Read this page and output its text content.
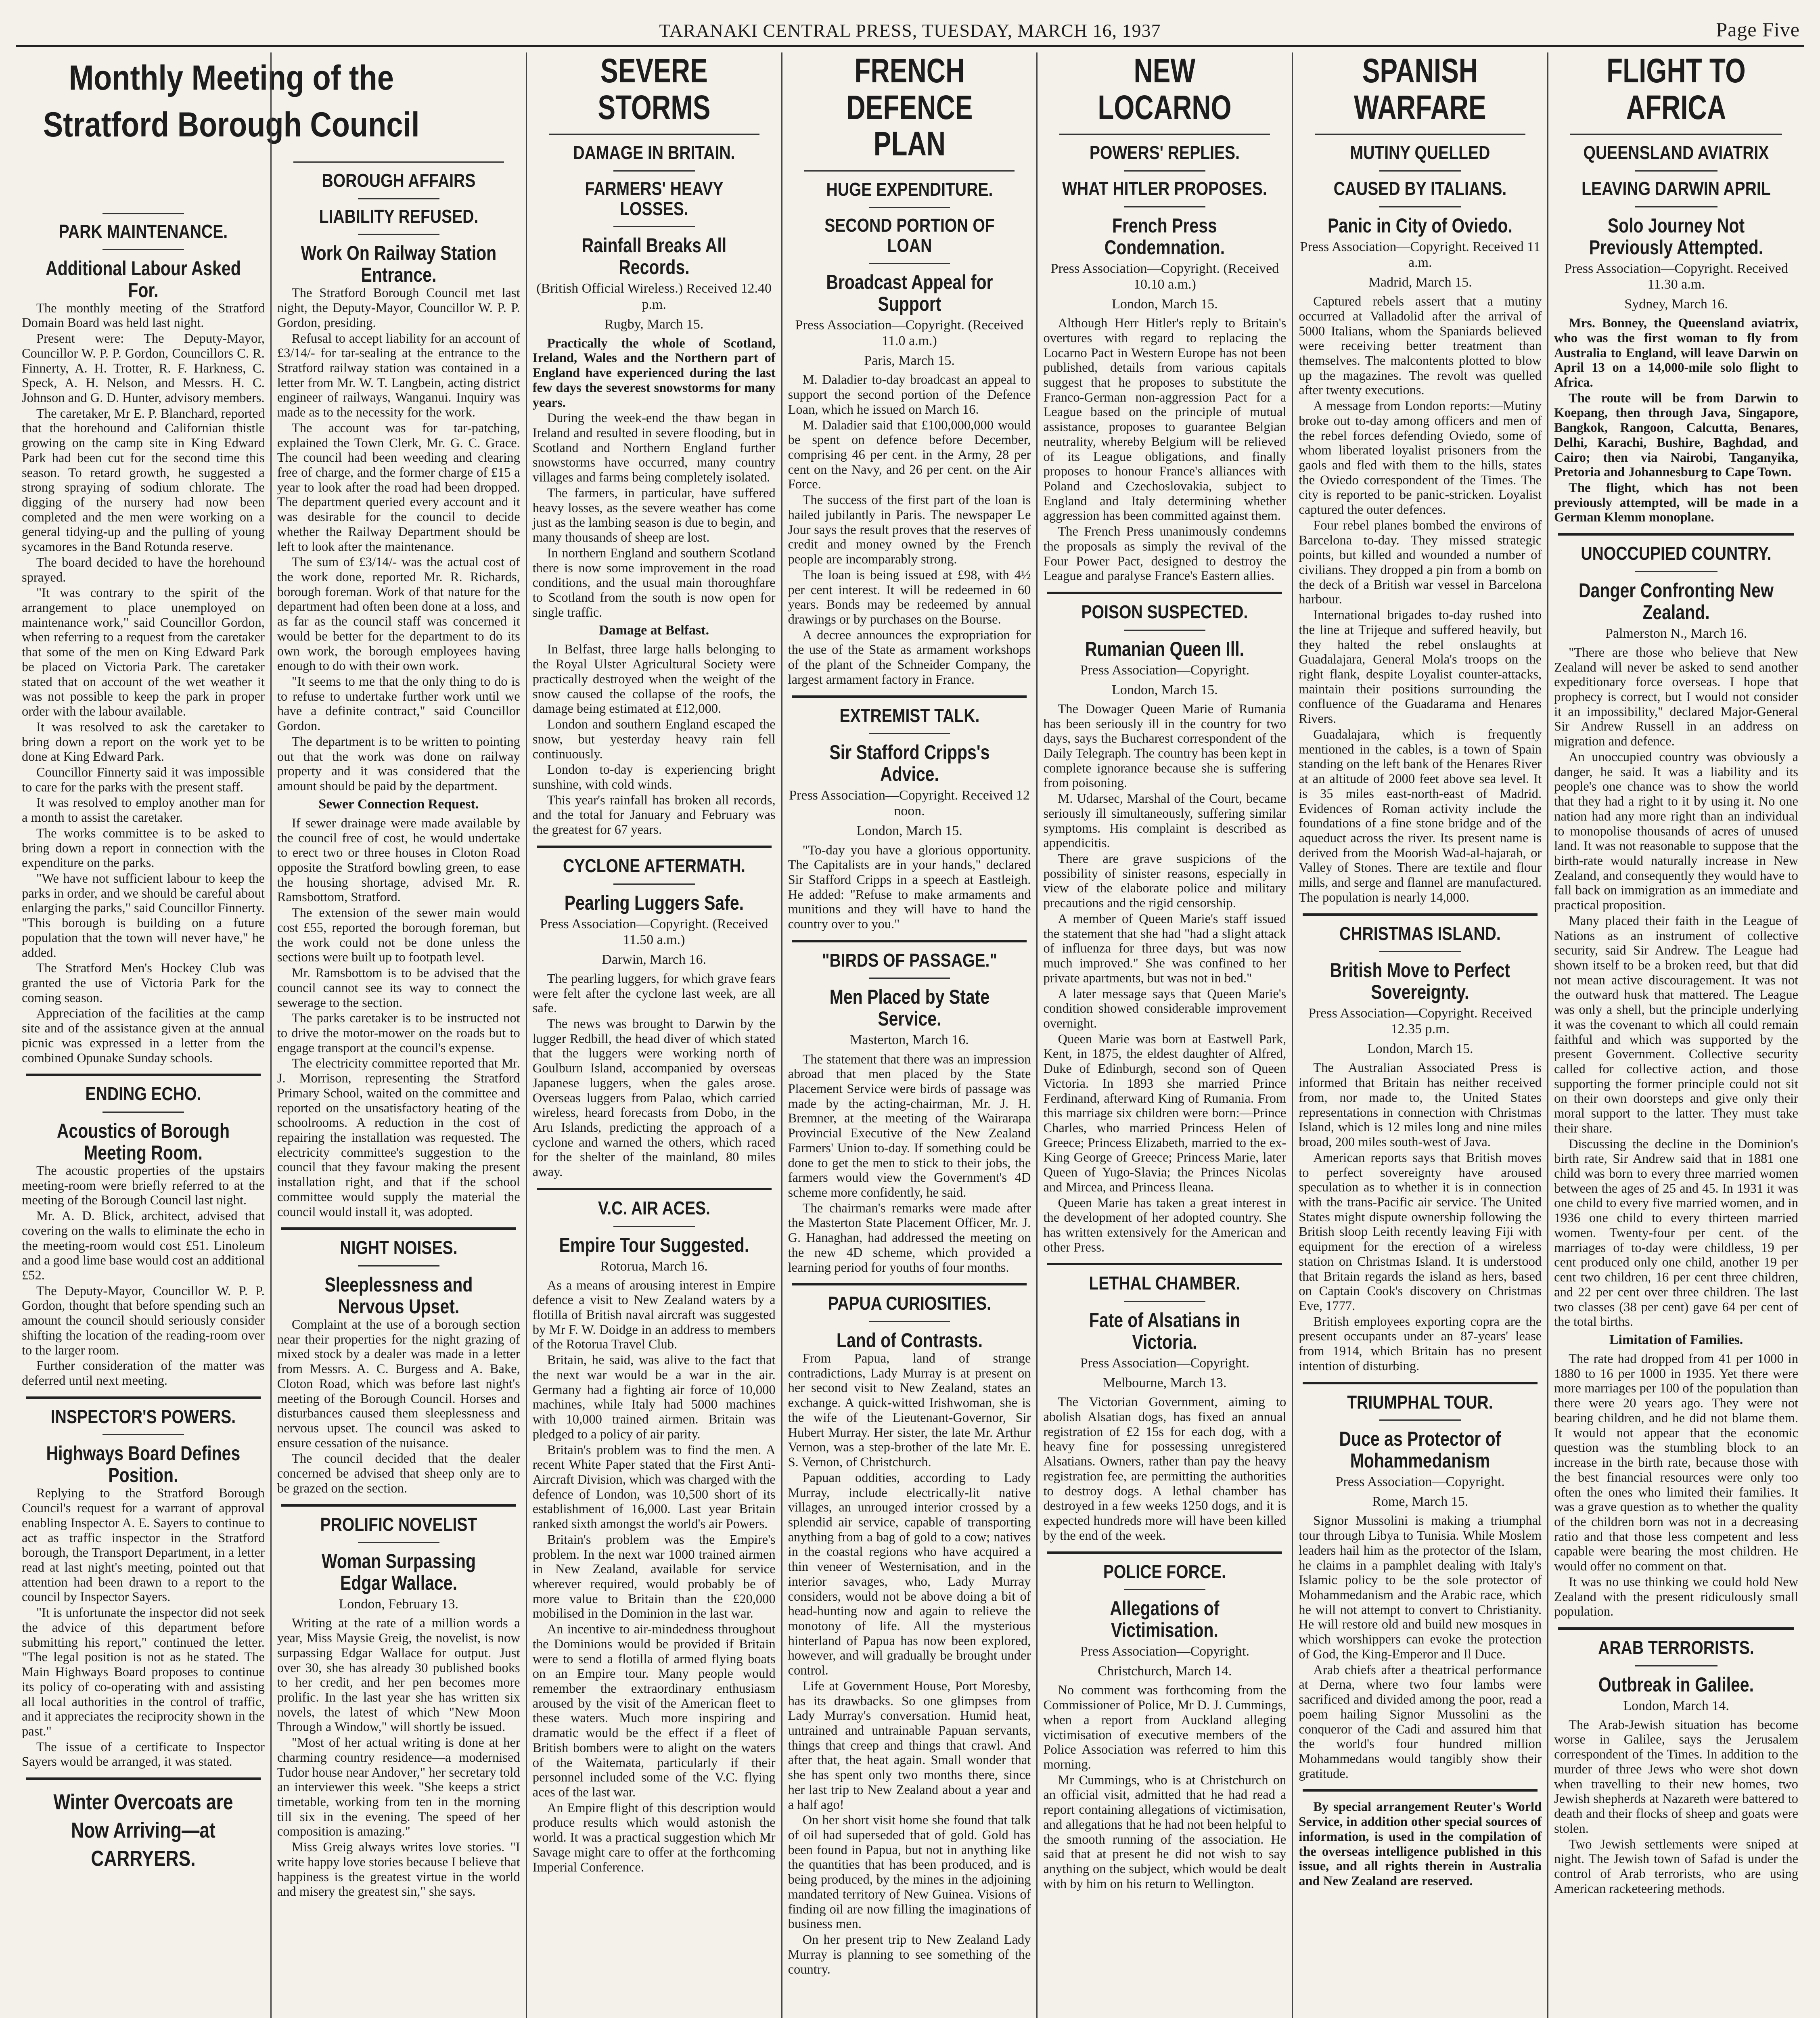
TARANAKI CENTRAL PRESS, TUESDAY, MARCH 16, 1937	Page Five
Monthly Meeting of the Stratford Borough Council
PARK MAINTENANCE.
Additional Labour Asked For.

The monthly meeting of the Stratford Domain Board was held last night.

Present were: The Deputy-Mayor, Councillor W. P. P. Gordon, Councillors C. R. Finnerty, A. H. Trotter, R. F. Harkness, C. Speck, A. H. Nelson, and Messrs. H. C. Johnson and G. D. Hunter, advisory members.

The caretaker, Mr E. P. Blanchard, reported that the horehound and Californian thistle growing on the camp site in King Edward Park had been cut for the second time this season. To retard growth, he suggested a strong spraying of sodium chlorate. The digging of the nursery had now been completed and the men were working on a general tidying-up and the pulling of young sycamores in the Band Rotunda reserve.

The board decided to have the horehound sprayed.

"It was contrary to the spirit of the arrangement to place unemployed on maintenance work," said Councillor Gordon, when referring to a request from the caretaker that some of the men on King Edward Park be placed on Victoria Park. The caretaker stated that on account of the wet weather it was not possible to keep the park in proper order with the labour available.

It was resolved to ask the caretaker to bring down a report on the work yet to be done at King Edward Park.

Councillor Finnerty said it was impossible to care for the parks with the present staff.

It was resolved to employ another man for a month to assist the caretaker.

The works committee is to be asked to bring down a report in connection with the expenditure on the parks.

"We have not sufficient labour to keep the parks in order, and we should be careful about enlarging the parks," said Councillor Finnerty. "This borough is building on a future population that the town will never have," he added.

The Stratford Men's Hockey Club was granted the use of Victoria Park for the coming season.

Appreciation of the facilities at the camp site and of the assistance given at the annual picnic was expressed in a letter from the combined Opunake Sunday schools.

ENDING ECHO.
Acoustics of Borough Meeting Room.

The acoustic properties of the upstairs meeting-room were briefly referred to at the meeting of the Borough Council last night.

Mr. A. D. Blick, architect, advised that covering on the walls to eliminate the echo in the meeting-room would cost £51. Linoleum and a good lime base would cost an additional £52.

The Deputy-Mayor, Councillor W. P. P. Gordon, thought that before spending such an amount the council should seriously consider shifting the location of the reading-room over to the larger room.

Further consideration of the matter was deferred until next meeting.

INSPECTOR'S POWERS.
Highways Board Defines Position.

Replying to the Stratford Borough Council's request for a warrant of approval enabling Inspector A. E. Sayers to continue to act as traffic inspector in the Stratford borough, the Transport Department, in a letter read at last night's meeting, pointed out that attention had been drawn to a report to the council by Inspector Sayers.

"It is unfortunate the inspector did not seek the advice of this department before submitting his report," continued the letter. "The legal position is not as he stated. The Main Highways Board proposes to continue its policy of co-operating with and assisting all local authorities in the control of traffic, and it appreciates the reciprocity shown in the past."

The issue of a certificate to Inspector Sayers would be arranged, it was stated.

Winter Overcoats are Now Arriving—at CARRYERS.
BOROUGH AFFAIRS
LIABILITY REFUSED.
Work On Railway Station Entrance.

The Stratford Borough Council met last night, the Deputy-Mayor, Councillor W. P. P. Gordon, presiding.

Refusal to accept liability for an account of £3/14/- for tar-sealing at the entrance to the Stratford railway station was contained in a letter from Mr. W. T. Langbein, acting district engineer of railways, Wanganui. Inquiry was made as to the necessity for the work.

The account was for tar-patching, explained the Town Clerk, Mr. G. C. Grace. The council had been weeding and clearing free of charge, and the former charge of £15 a year to look after the road had been dropped. The department queried every account and it was desirable for the council to decide whether the Railway Department should be left to look after the maintenance.

The sum of £3/14/- was the actual cost of the work done, reported Mr. R. Richards, borough foreman. Work of that nature for the department had often been done at a loss, and as far as the council staff was concerned it would be better for the department to do its own work, the borough employees having enough to do with their own work.

"It seems to me that the only thing to do is to refuse to undertake further work until we have a definite contract," said Councillor Gordon.

The department is to be written to pointing out that the work was done on railway property and it was considered that the amount should be paid by the department.

Sewer Connection Request.

If sewer drainage were made available by the council free of cost, he would undertake to erect two or three houses in Cloton Road opposite the Stratford bowling green, to ease the housing shortage, advised Mr. R. Ramsbottom, Stratford.

The extension of the sewer main would cost £55, reported the borough foreman, but the work could not be done unless the sections were built up to footpath level.

Mr. Ramsbottom is to be advised that the council cannot see its way to connect the sewerage to the section.

The parks caretaker is to be instructed not to drive the motor-mower on the roads but to engage transport at the council's expense.

The electricity committee reported that Mr. J. Morrison, representing the Stratford Primary School, waited on the committee and reported on the unsatisfactory heating of the schoolrooms. A reduction in the cost of repairing the installation was requested. The electricity committee's suggestion to the council that they favour making the present installation right, and that if the school committee would supply the material the council would install it, was adopted.

NIGHT NOISES.
Sleeplessness and Nervous Upset.

Complaint at the use of a borough section near their properties for the night grazing of mixed stock by a dealer was made in a letter from Messrs. A. C. Burgess and A. Bake, Cloton Road, which was before last night's meeting of the Borough Council. Horses and disturbances caused them sleeplessness and nervous upset. The council was asked to ensure cessation of the nuisance.

The council decided that the dealer concerned be advised that sheep only are to be grazed on the section.

PROLIFIC NOVELIST
Woman Surpassing Edgar Wallace.
London, February 13.

Writing at the rate of a million words a year, Miss Maysie Greig, the novelist, is now surpassing Edgar Wallace for output. Just over 30, she has already 30 published books to her credit, and her pen becomes more prolific. In the last year she has written six novels, the latest of which "New Moon Through a Window," will shortly be issued.

"Most of her actual writing is done at her charming country residence—a modernised Tudor house near Andover," her secretary told an interviewer this week. "She keeps a strict timetable, working from ten in the morning till six in the evening. The speed of her composition is amazing."

Miss Greig always writes love stories. "I write happy love stories because I believe that happiness is the greatest virtue in the world and misery the greatest sin," she says.

SEVERE STORMS
DAMAGE IN BRITAIN.
FARMERS' HEAVY LOSSES.
Rainfall Breaks All Records.
(British Official Wireless.) Received 12.40 p.m.
Rugby, March 15.

Practically the whole of Scotland, Ireland, Wales and the Northern part of England have experienced during the last few days the severest snowstorms for many years.

During the week-end the thaw began in Ireland and resulted in severe flooding, but in Scotland and Northern England further snowstorms have occurred, many country villages and farms being completely isolated.

The farmers, in particular, have suffered heavy losses, as the severe weather has come just as the lambing season is due to begin, and many thousands of sheep are lost.

In northern England and southern Scotland there is now some improvement in the road conditions, and the usual main thoroughfare to Scotland from the south is now open for single traffic.

Damage at Belfast.

In Belfast, three large halls belonging to the Royal Ulster Agricultural Society were practically destroyed when the weight of the snow caused the collapse of the roofs, the damage being estimated at £12,000.

London and southern England escaped the snow, but yesterday heavy rain fell continuously.

London to-day is experiencing bright sunshine, with cold winds.

This year's rainfall has broken all records, and the total for January and February was the greatest for 67 years.

CYCLONE AFTERMATH.
Pearling Luggers Safe.
Press Association—Copyright. (Received 11.50 a.m.)
Darwin, March 16.

The pearling luggers, for which grave fears were felt after the cyclone last week, are all safe.

The news was brought to Darwin by the lugger Redbill, the head diver of which stated that the luggers were working north of Goulburn Island, accompanied by overseas Japanese luggers, when the gales arose. Overseas luggers from Palao, which carried wireless, heard forecasts from Dobo, in the Aru Islands, predicting the approach of a cyclone and warned the others, which raced for the shelter of the mainland, 80 miles away.

V.C. AIR ACES.
Empire Tour Suggested.
Rotorua, March 16.

As a means of arousing interest in Empire defence a visit to New Zealand waters by a flotilla of British naval aircraft was suggested by Mr F. W. Doidge in an address to members of the Rotorua Travel Club.

Britain, he said, was alive to the fact that the next war would be a war in the air. Germany had a fighting air force of 10,000 machines, while Italy had 5000 machines with 10,000 trained airmen. Britain was pledged to a policy of air parity.

Britain's problem was to find the men. A recent White Paper stated that the First Anti-Aircraft Division, which was charged with the defence of London, was 10,500 short of its establishment of 16,000. Last year Britain ranked sixth amongst the world's air Powers.

Britain's problem was the Empire's problem. In the next war 1000 trained airmen in New Zealand, available for service wherever required, would probably be of more value to Britain than the £20,000 mobilised in the Dominion in the last war.

An incentive to air-mindedness throughout the Dominions would be provided if Britain were to send a flotilla of armed flying boats on an Empire tour. Many people would remember the extraordinary enthusiasm aroused by the visit of the American fleet to these waters. Much more inspiring and dramatic would be the effect if a fleet of British bombers were to alight on the waters of the Waitemata, particularly if their personnel included some of the V.C. flying aces of the last war.

An Empire flight of this description would produce results which would astonish the world. It was a practical suggestion which Mr Savage might care to offer at the forthcoming Imperial Conference.

FRENCH DEFENCE PLAN
HUGE EXPENDITURE.
SECOND PORTION OF LOAN
Broadcast Appeal for Support
Press Association—Copyright. (Received 11.0 a.m.)
Paris, March 15.

M. Daladier to-day broadcast an appeal to support the second portion of the Defence Loan, which he issued on March 16.

M. Daladier said that £100,000,000 would be spent on defence before December, comprising 46 per cent. in the Army, 28 per cent on the Navy, and 26 per cent. on the Air Force.

The success of the first part of the loan is hailed jubilantly in Paris. The newspaper Le Jour says the result proves that the reserves of credit and money owned by the French people are incomparably strong.

The loan is being issued at £98, with 4½ per cent interest. It will be redeemed in 60 years. Bonds may be redeemed by annual drawings or by purchases on the Bourse.

A decree announces the expropriation for the use of the State as armament workshops of the plant of the Schneider Company, the largest armament factory in France.

EXTREMIST TALK.
Sir Stafford Cripps's Advice.
Press Association—Copyright. Received 12 noon.
London, March 15.

"To-day you have a glorious opportunity. The Capitalists are in your hands," declared Sir Stafford Cripps in a speech at Eastleigh. He added: "Refuse to make armaments and munitions and they will have to hand the country over to you."

"BIRDS OF PASSAGE."
Men Placed by State Service.
Masterton, March 16.

The statement that there was an impression abroad that men placed by the State Placement Service were birds of passage was made by the acting-chairman, Mr. J. H. Bremner, at the meeting of the Wairarapa Provincial Executive of the New Zealand Farmers' Union to-day. If something could be done to get the men to stick to their jobs, the farmers would view the Government's 4D scheme more confidently, he said.

The chairman's remarks were made after the Masterton State Placement Officer, Mr. J. G. Hanaghan, had addressed the meeting on the new 4D scheme, which provided a learning period for youths of four months.

PAPUA CURIOSITIES.
Land of Contrasts.

From Papua, land of strange contradictions, Lady Murray is at present on her second visit to New Zealand, states an exchange. A quick-witted Irishwoman, she is the wife of the Lieutenant-Governor, Sir Hubert Murray. Her sister, the late Mr. Arthur Vernon, was a step-brother of the late Mr. E. S. Vernon, of Christchurch.

Papuan oddities, according to Lady Murray, include electrically-lit native villages, an unrouged interior crossed by a splendid air service, capable of transporting anything from a bag of gold to a cow; natives in the coastal regions who have acquired a thin veneer of Westernisation, and in the interior savages, who, Lady Murray considers, would not be above doing a bit of head-hunting now and again to relieve the monotony of life. All the mysterious hinterland of Papua has now been explored, however, and will gradually be brought under control.

Life at Government House, Port Moresby, has its drawbacks. So one glimpses from Lady Murray's conversation. Humid heat, untrained and untrainable Papuan servants, things that creep and things that crawl. And after that, the heat again. Small wonder that she has spent only two months there, since her last trip to New Zealand about a year and a half ago!

On her short visit home she found that talk of oil had superseded that of gold. Gold has been found in Papua, but not in anything like the quantities that has been produced, and is being produced, by the mines in the adjoining mandated territory of New Guinea. Visions of finding oil are now filling the imaginations of business men.

On her present trip to New Zealand Lady Murray is planning to see something of the country.

NEW LOCARNO
POWERS' REPLIES.
WHAT HITLER PROPOSES.
French Press Condemnation.
Press Association—Copyright. (Received 10.10 a.m.)
London, March 15.

Although Herr Hitler's reply to Britain's overtures with regard to replacing the Locarno Pact in Western Europe has not been published, details from various capitals suggest that he proposes to substitute the Franco-German non-aggression Pact for a League based on the principle of mutual assistance, proposes to guarantee Belgian neutrality, whereby Belgium will be relieved of its League obligations, and finally proposes to honour France's alliances with Poland and Czechoslovakia, subject to England and Italy determining whether aggression has been committed against them.

The French Press unanimously condemns the proposals as simply the revival of the Four Power Pact, designed to destroy the League and paralyse France's Eastern allies.

POISON SUSPECTED.
Rumanian Queen Ill.
Press Association—Copyright.
London, March 15.

The Dowager Queen Marie of Rumania has been seriously ill in the country for two days, says the Bucharest correspondent of the Daily Telegraph. The country has been kept in complete ignorance because she is suffering from poisoning.

M. Udarsec, Marshal of the Court, became seriously ill simultaneously, suffering similar symptoms. His complaint is described as appendicitis.

There are grave suspicions of the possibility of sinister reasons, especially in view of the elaborate police and military precautions and the rigid censorship.

A member of Queen Marie's staff issued the statement that she had "had a slight attack of influenza for three days, but was now much improved." She was confined to her private apartments, but was not in bed."

A later message says that Queen Marie's condition showed considerable improvement overnight.

Queen Marie was born at Eastwell Park, Kent, in 1875, the eldest daughter of Alfred, Duke of Edinburgh, second son of Queen Victoria. In 1893 she married Prince Ferdinand, afterward King of Rumania. From this marriage six children were born:—Prince Charles, who married Princess Helen of Greece; Princess Elizabeth, married to the ex-King George of Greece; Princess Marie, later Queen of Yugo-Slavia; the Princes Nicolas and Mircea, and Princess Ileana.

Queen Marie has taken a great interest in the development of her adopted country. She has written extensively for the American and other Press.

LETHAL CHAMBER.
Fate of Alsatians in Victoria.
Press Association—Copyright.
Melbourne, March 13.

The Victorian Government, aiming to abolish Alsatian dogs, has fixed an annual registration of £2 15s for each dog, with a heavy fine for possessing unregistered Alsatians. Owners, rather than pay the heavy registration fee, are permitting the authorities to destroy dogs. A lethal chamber has destroyed in a few weeks 1250 dogs, and it is expected hundreds more will have been killed by the end of the week.

POLICE FORCE.
Allegations of Victimisation.
Press Association—Copyright.
Christchurch, March 14.

No comment was forthcoming from the Commissioner of Police, Mr D. J. Cummings, when a report from Auckland alleging victimisation of executive members of the Police Association was referred to him this morning.

Mr Cummings, who is at Christchurch on an official visit, admitted that he had read a report containing allegations of victimisation, and allegations that he had not been helpful to the smooth running of the association. He said that at present he did not wish to say anything on the subject, which would be dealt with by him on his return to Wellington.

SPANISH WARFARE
MUTINY QUELLED
CAUSED BY ITALIANS.
Panic in City of Oviedo.
Press Association—Copyright. Received 11 a.m.
Madrid, March 15.

Captured rebels assert that a mutiny occurred at Valladolid after the arrival of 5000 Italians, whom the Spaniards believed were receiving better treatment than themselves. The malcontents plotted to blow up the magazines. The revolt was quelled after twenty executions.

A message from London reports:—Mutiny broke out to-day among officers and men of the rebel forces defending Oviedo, some of whom liberated loyalist prisoners from the gaols and fled with them to the hills, states the Oviedo correspondent of the Times. The city is reported to be panic-stricken. Loyalist captured the outer defences.

Four rebel planes bombed the environs of Barcelona to-day. They missed strategic points, but killed and wounded a number of civilians. They dropped a pin from a bomb on the deck of a British war vessel in Barcelona harbour.

International brigades to-day rushed into the line at Trijeque and suffered heavily, but they halted the rebel onslaughts at Guadalajara, General Mola's troops on the right flank, despite Loyalist counter-attacks, maintain their positions surrounding the confluence of the Guadarama and Henares Rivers.

Guadalajara, which is frequently mentioned in the cables, is a town of Spain standing on the left bank of the Henares River at an altitude of 2000 feet above sea level. It is 35 miles east-north-east of Madrid. Evidences of Roman activity include the foundations of a fine stone bridge and of the aqueduct across the river. Its present name is derived from the Moorish Wad-al-hajarah, or Valley of Stones. There are textile and flour mills, and serge and flannel are manufactured. The population is nearly 14,000.

CHRISTMAS ISLAND.
British Move to Perfect Sovereignty.
Press Association—Copyright. Received 12.35 p.m.
London, March 15.

The Australian Associated Press is informed that Britain has neither received from, nor made to, the United States representations in connection with Christmas Island, which is 12 miles long and nine miles broad, 200 miles south-west of Java.

American reports says that British moves to perfect sovereignty have aroused speculation as to whether it is in connection with the trans-Pacific air service. The United States might dispute ownership following the British sloop Leith recently leaving Fiji with equipment for the erection of a wireless station on Christmas Island. It is understood that Britain regards the island as hers, based on Captain Cook's discovery on Christmas Eve, 1777.

British employees exporting copra are the present occupants under an 87-years' lease from 1914, which Britain has no present intention of disturbing.

TRIUMPHAL TOUR.
Duce as Protector of Mohammedanism
Press Association—Copyright.
Rome, March 15.

Signor Mussolini is making a triumphal tour through Libya to Tunisia. While Moslem leaders hail him as the protector of the Islam, he claims in a pamphlet dealing with Italy's Islamic policy to be the sole protector of Mohammedanism and the Arabic race, which he will not attempt to convert to Christianity. He will restore old and build new mosques in which worshippers can evoke the protection of God, the King-Emperor and Il Duce.

Arab chiefs after a theatrical performance at Derna, where two four lambs were sacrificed and divided among the poor, read a poem hailing Signor Mussolini as the conqueror of the Cadi and assured him that the world's four hundred million Mohammedans would tangibly show their gratitude.

By special arrangement Reuter's World Service, in addition other special sources of information, is used in the compilation of the overseas intelligence published in this issue, and all rights therein in Australia and New Zealand are reserved.

FLIGHT TO AFRICA
QUEENSLAND AVIATRIX
LEAVING DARWIN APRIL
Solo Journey Not Previously Attempted.
Press Association—Copyright. Received 11.30 a.m.
Sydney, March 16.

Mrs. Bonney, the Queensland aviatrix, who was the first woman to fly from Australia to England, will leave Darwin on April 13 on a 14,000-mile solo flight to Africa.

The route will be from Darwin to Koepang, then through Java, Singapore, Bangkok, Rangoon, Calcutta, Benares, Delhi, Karachi, Bushire, Baghdad, and Cairo; then via Nairobi, Tanganyika, Pretoria and Johannesburg to Cape Town.

The flight, which has not been previously attempted, will be made in a German Klemm monoplane.

UNOCCUPIED COUNTRY.
Danger Confronting New Zealand.
Palmerston N., March 16.

"There are those who believe that New Zealand will never be asked to send another expeditionary force overseas. I hope that prophecy is correct, but I would not consider it an impossibility," declared Major-General Sir Andrew Russell in an address on migration and defence.

An unoccupied country was obviously a danger, he said. It was a liability and its people's one chance was to show the world that they had a right to it by using it. No one nation had any more right than an individual to monopolise thousands of acres of unused land. It was not reasonable to suppose that the birth-rate would naturally increase in New Zealand, and consequently they would have to fall back on immigration as an immediate and practical proposition.

Many placed their faith in the League of Nations as an instrument of collective security, said Sir Andrew. The League had shown itself to be a broken reed, but that did not mean active discouragement. It was not the outward husk that mattered. The League was only a shell, but the principle underlying it was the covenant to which all could remain faithful and which was supported by the present Government. Collective security called for collective action, and those supporting the former principle could not sit on their own doorsteps and give only their moral support to the latter. They must take their share.

Discussing the decline in the Dominion's birth rate, Sir Andrew said that in 1881 one child was born to every three married women between the ages of 25 and 45. In 1931 it was one child to every five married women, and in 1936 one child to every thirteen married women. Twenty-four per cent. of the marriages of to-day were childless, 19 per cent produced only one child, another 19 per cent two children, 16 per cent three children, and 22 per cent over three children. The last two classes (38 per cent) gave 64 per cent of the total births.

Limitation of Families.

The rate had dropped from 41 per 1000 in 1880 to 16 per 1000 in 1935. Yet there were more marriages per 100 of the population than there were 20 years ago. They were not bearing children, and he did not blame them. It would not appear that the economic question was the stumbling block to an increase in the birth rate, because those with the best financial resources were only too often the ones who limited their families. It was a grave question as to whether the quality of the children born was not in a decreasing ratio and that those less competent and less capable were bearing the most children. He would offer no comment on that.

It was no use thinking we could hold New Zealand with the present ridiculously small population.

ARAB TERRORISTS.
Outbreak in Galilee.
London, March 14.

The Arab-Jewish situation has become worse in Galilee, says the Jerusalem correspondent of the Times. In addition to the murder of three Jews who were shot down when travelling to their new homes, two Jewish shepherds at Nazareth were battered to death and their flocks of sheep and goats were stolen.

Two Jewish settlements were sniped at night. The Jewish town of Safad is under the control of Arab terrorists, who are using American racketeering methods.
